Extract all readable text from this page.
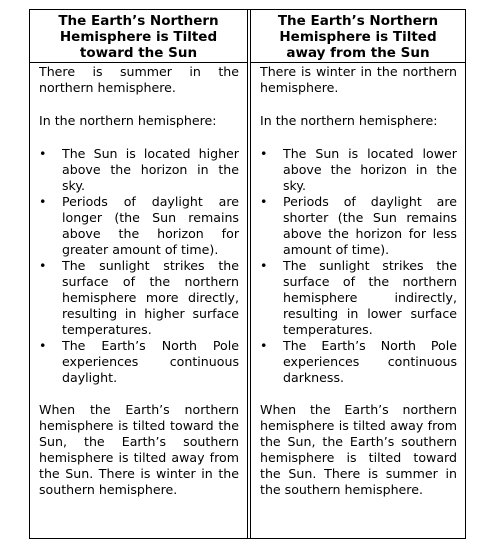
The Earth’s Northern Hemisphere is Tilted toward the Sun

There is summer in the northern hemisphere.

In the northern hemisphere:

• The Sun is located higher above the horizon in the sky.
• Periods of daylight are longer (the Sun remains above the horizon for greater amount of time).
• The sunlight strikes the surface of the northern hemisphere more directly, resulting in higher surface temperatures.
• The Earth’s North Pole experiences continuous daylight.

When the Earth’s northern hemisphere is tilted toward the Sun, the Earth’s southern hemisphere is tilted away from the Sun. There is winter in the southern hemisphere.

The Earth’s Northern Hemisphere is Tilted away from the Sun

There is winter in the northern hemisphere.

In the northern hemisphere:

• The Sun is located lower above the horizon in the sky.
• Periods of daylight are shorter (the Sun remains above the horizon for less amount of time).
• The sunlight strikes the surface of the northern hemisphere indirectly, resulting in lower surface temperatures.
• The Earth’s North Pole experiences continuous darkness.

When the Earth’s northern hemisphere is tilted away from the Sun, the Earth’s southern hemisphere is tilted toward the Sun. There is summer in the southern hemisphere.
